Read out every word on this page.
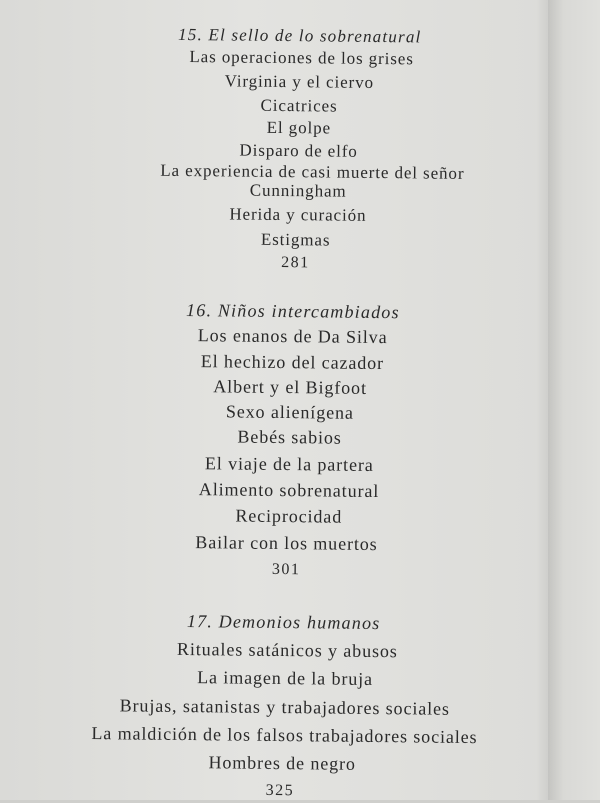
15. El sello de lo sobrenatural
Las operaciones de los grises
Virginia y el ciervo
Cicatrices
El golpe
Disparo de elfo
La experiencia de casi muerte del señor
Cunningham
Herida y curación
Estigmas
281
16. Niños intercambiados
Los enanos de Da Silva
El hechizo del cazador
Albert y el Bigfoot
Sexo alienígena
Bebés sabios
El viaje de la partera
Alimento sobrenatural
Reciprocidad
Bailar con los muertos
301
17. Demonios humanos
Rituales satánicos y abusos
La imagen de la bruja
Brujas, satanistas y trabajadores sociales
La maldición de los falsos trabajadores sociales
Hombres de negro
325
